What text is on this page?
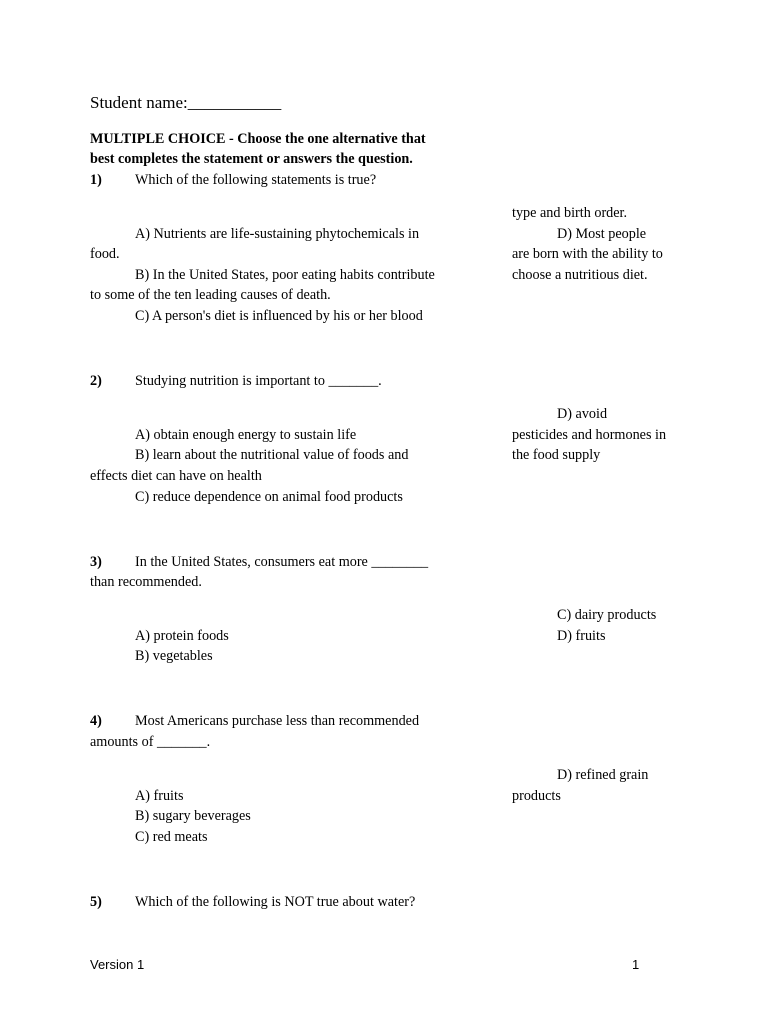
Student name:___________
MULTIPLE CHOICE - Choose the one alternative that
best completes the statement or answers the question.
1) Which of the following statements is true?
A) Nutrients are life-sustaining phytochemicals in
food.
B) In the United States, poor eating habits contribute
to some of the ten leading causes of death.
C) A person's diet is influenced by his or her blood
type and birth order.
D) Most people
are born with the ability to
choose a nutritious diet.
2) Studying nutrition is important to _______.
A) obtain enough energy to sustain life
B) learn about the nutritional value of foods and
effects diet can have on health
C) reduce dependence on animal food products
D) avoid
pesticides and hormones in
the food supply
3) In the United States, consumers eat more ________
than recommended.
A) protein foods
B) vegetables
C) dairy products
D) fruits
4) Most Americans purchase less than recommended
amounts of _______.
A) fruits
B) sugary beverages
C) red meats
D) refined grain
products
5) Which of the following is NOT true about water?
Version 1	1
